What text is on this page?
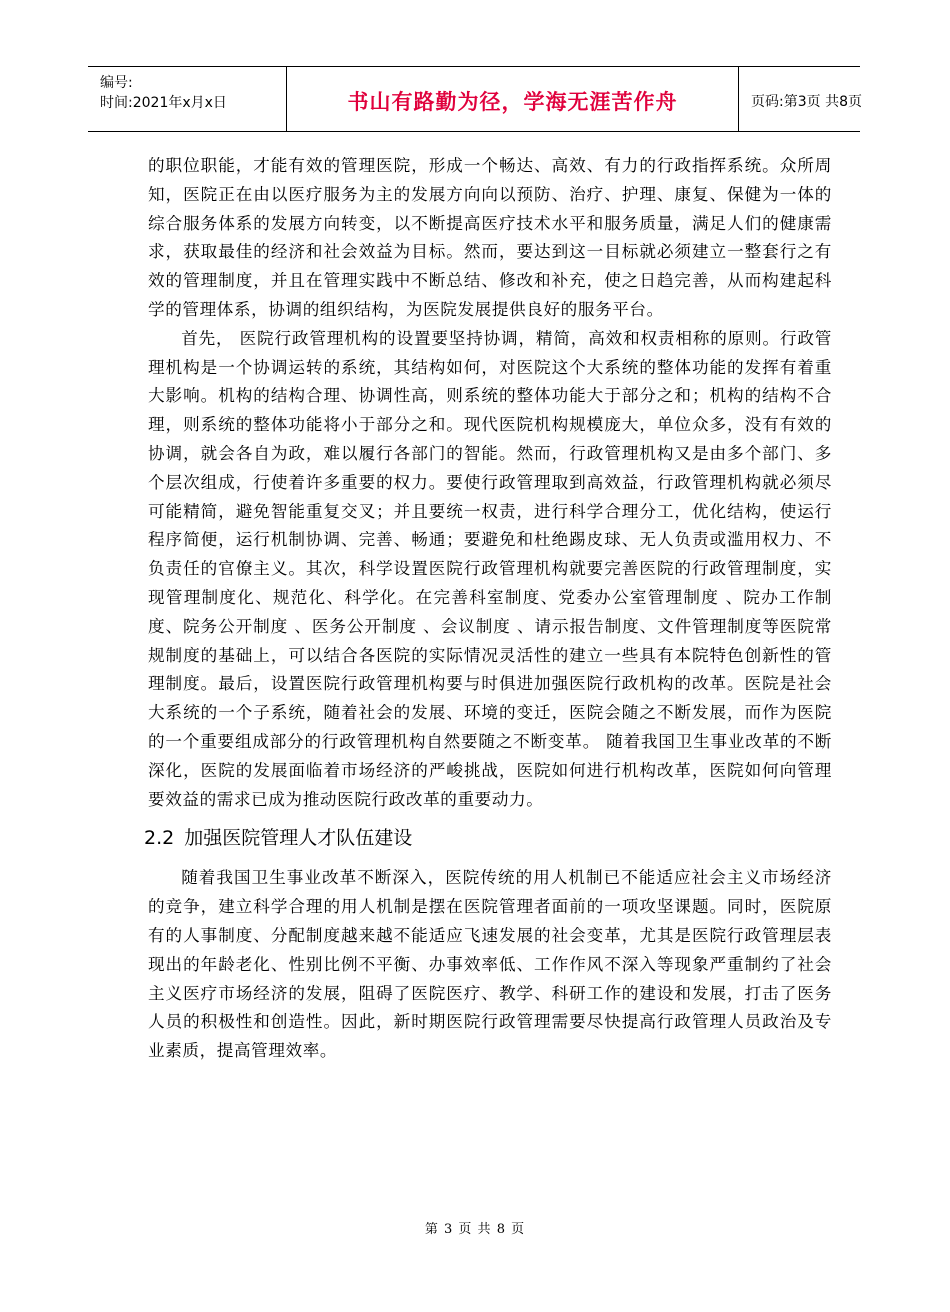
编号:
时间:2021年x月x日	书山有路勤为径，学海无涯苦作舟	页码:第3页 共8页

的职位职能，才能有效的管理医院，形成一个畅达、高效、有力的行政指挥系统。众所周知，医院正在由以医疗服务为主的发展方向向以预防、治疗、护理、康复、保健为一体的综合服务体系的发展方向转变，以不断提高医疗技术水平和服务质量，满足人们的健康需求，获取最佳的经济和社会效益为目标。然而，要达到这一目标就必须建立一整套行之有效的管理制度，并且在管理实践中不断总结、修改和补充，使之日趋完善，从而构建起科学的管理体系，协调的组织结构，为医院发展提供良好的服务平台。

首先， 医院行政管理机构的设置要坚持协调，精简，高效和权责相称的原则。行政管理机构是一个协调运转的系统，其结构如何，对医院这个大系统的整体功能的发挥有着重大影响。机构的结构合理、协调性高，则系统的整体功能大于部分之和；机构的结构不合理，则系统的整体功能将小于部分之和。现代医院机构规模庞大，单位众多，没有有效的协调，就会各自为政，难以履行各部门的智能。然而，行政管理机构又是由多个部门、多个层次组成，行使着许多重要的权力。要使行政管理取到高效益，行政管理机构就必须尽可能精简，避免智能重复交叉；并且要统一权责，进行科学合理分工，优化结构，使运行程序简便，运行机制协调、完善、畅通；要避免和杜绝踢皮球、无人负责或滥用权力、不负责任的官僚主义。其次，科学设置医院行政管理机构就要完善医院的行政管理制度，实现管理制度化、规范化、科学化。在完善科室制度、党委办公室管理制度 、院办工作制度、院务公开制度 、医务公开制度 、会议制度 、请示报告制度、文件管理制度等医院常规制度的基础上，可以结合各医院的实际情况灵活性的建立一些具有本院特色创新性的管理制度。最后，设置医院行政管理机构要与时俱进加强医院行政机构的改革。医院是社会大系统的一个子系统，随着社会的发展、环境的变迁，医院会随之不断发展，而作为医院的一个重要组成部分的行政管理机构自然要随之不断变革。 随着我国卫生事业改革的不断深化，医院的发展面临着市场经济的严峻挑战，医院如何进行机构改革，医院如何向管理要效益的需求已成为推动医院行政改革的重要动力。

2.2 加强医院管理人才队伍建设

随着我国卫生事业改革不断深入，医院传统的用人机制已不能适应社会主义市场经济的竞争，建立科学合理的用人机制是摆在医院管理者面前的一项攻坚课题。同时，医院原有的人事制度、分配制度越来越不能适应飞速发展的社会变革，尤其是医院行政管理层表现出的年龄老化、性别比例不平衡、办事效率低、工作作风不深入等现象严重制约了社会主义医疗市场经济的发展，阻碍了医院医疗、教学、科研工作的建设和发展，打击了医务人员的积极性和创造性。因此，新时期医院行政管理需要尽快提高行政管理人员政治及专业素质，提高管理效率。

第 3 页 共 8 页
